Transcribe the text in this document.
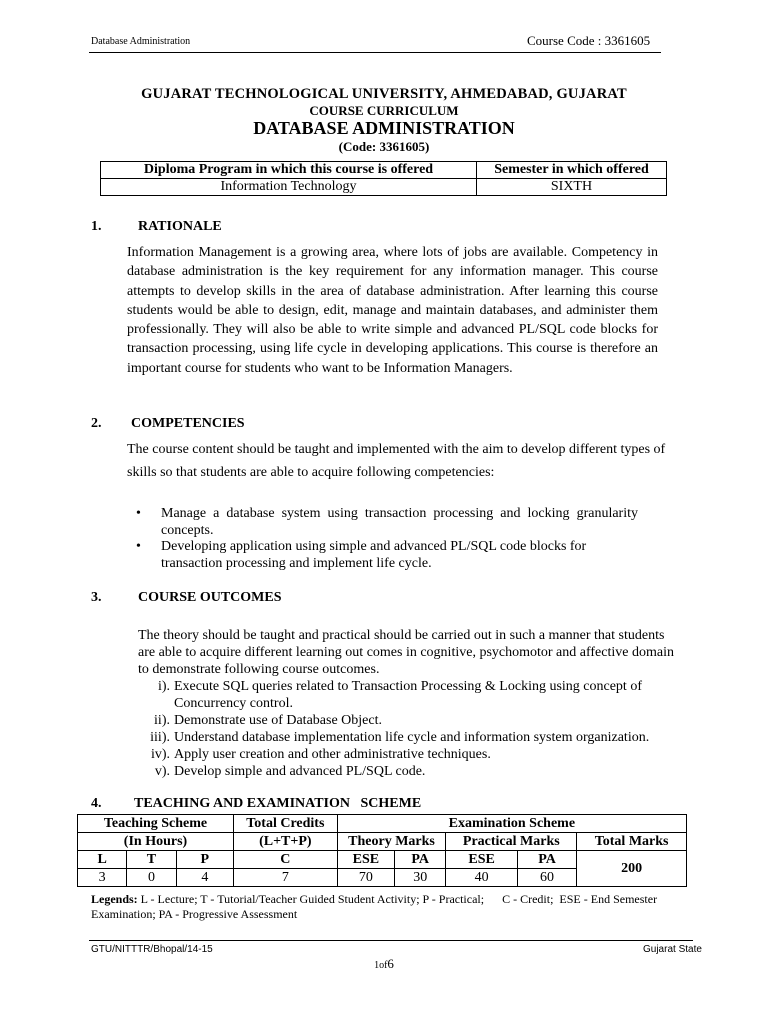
Database Administration	Course Code : 3361605
GUJARAT TECHNOLOGICAL UNIVERSITY, AHMEDABAD, GUJARAT
COURSE CURRICULUM
DATABASE ADMINISTRATION
(Code: 3361605)
Diploma Program in which this course is offered	Semester in which offered
Information Technology	SIXTH
1.	RATIONALE
Information Management is a growing area, where lots of jobs are available. Competency in database administration is the key requirement for any information manager. This course attempts to develop skills in the area of database administration. After learning this course students would be able to design, edit, manage and maintain databases, and administer them professionally. They will also be able to write simple and advanced PL/SQL code blocks for transaction processing, using life cycle in developing applications. This course is therefore an important course for students who want to be Information Managers.
2. COMPETENCIES
The course content should be taught and implemented with the aim to develop different types of skills so that students are able to acquire following competencies:
• Manage a database system using transaction processing and locking granularity concepts.
• Developing application using simple and advanced PL/SQL code blocks for transaction processing and implement life cycle.
3.	COURSE OUTCOMES
The theory should be taught and practical should be carried out in such a manner that students are able to acquire different learning out comes in cognitive, psychomotor and affective domain to demonstrate following course outcomes.
i). Execute SQL queries related to Transaction Processing & Locking using concept of Concurrency control.
ii). Demonstrate use of Database Object.
iii). Understand database implementation life cycle and information system organization.
iv). Apply user creation and other administrative techniques.
v). Develop simple and advanced PL/SQL code.
4. TEACHING AND EXAMINATION   SCHEME
Teaching Scheme			Total Credits	Examination Scheme				
(In Hours)			(L+T+P)	Theory Marks		Practical Marks		Total Marks
L	T	P	C	ESE	PA	ESE	PA	200
3	0	4	7	70	30	40	60	
Legends: L - Lecture; T - Tutorial/Teacher Guided Student Activity; P - Practical;      C - Credit;  ESE - End Semester Examination; PA - Progressive Assessment
GTU/NITTTR/Bhopal/14-15	Gujarat State
1of6
